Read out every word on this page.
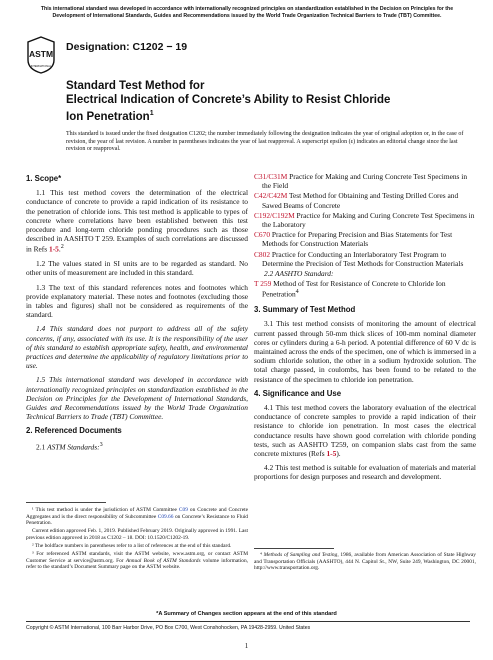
This international standard was developed in accordance with internationally recognized principles on standardization established in the Decision on Principles for the Development of International Standards, Guides and Recommendations issued by the World Trade Organization Technical Barriers to Trade (TBT) Committee.
ASTM
INTERNATIONAL
Designation: C1202 − 19
Standard Test Method for
Electrical Indication of Concrete’s Ability to Resist Chloride
Ion Penetration$^1$
This standard is issued under the fixed designation C1202; the number immediately following the designation indicates the year of original adoption or, in the case of revision, the year of last revision. A number in parentheses indicates the year of last reapproval. A superscript epsilon (ε) indicates an editorial change since the last revision or reapproval.
1. Scope*

1.1 This test method covers the determination of the electrical conductance of concrete to provide a rapid indication of its resistance to the penetration of chloride ions. This test method is applicable to types of concrete where correlations have been established between this test procedure and long-term chloride ponding procedures such as those described in AASHTO T 259. Examples of such correlations are discussed in Refs 1-5.$^2$

1.2 The values stated in SI units are to be regarded as standard. No other units of measurement are included in this standard.

1.3 The text of this standard references notes and footnotes which provide explanatory material. These notes and footnotes (excluding those in tables and figures) shall not be considered as requirements of the standard.

1.4 This standard does not purport to address all of the safety concerns, if any, associated with its use. It is the responsibility of the user of this standard to establish appropriate safety, health, and environmental practices and determine the applicability of regulatory limitations prior to use.

1.5 This international standard was developed in accordance with internationally recognized principles on standardization established in the Decision on Principles for the Development of International Standards, Guides and Recommendations issued by the World Trade Organization Technical Barriers to Trade (TBT) Committee.

2. Referenced Documents

2.1 ASTM Standards:$^3$

C31/C31M Practice for Making and Curing Concrete Test Specimens in the Field

C42/C42M Test Method for Obtaining and Testing Drilled Cores and Sawed Beams of Concrete

C192/C192M Practice for Making and Curing Concrete Test Specimens in the Laboratory

C670 Practice for Preparing Precision and Bias Statements for Test Methods for Construction Materials

C802 Practice for Conducting an Interlaboratory Test Program to Determine the Precision of Test Methods for Construction Materials

2.2 AASHTO Standard:

T 259 Method of Test for Resistance of Concrete to Chloride Ion Penetration$^4$

3. Summary of Test Method

3.1 This test method consists of monitoring the amount of electrical current passed through 50-mm thick slices of 100-mm nominal diameter cores or cylinders during a 6-h period. A potential difference of 60 V dc is maintained across the ends of the specimen, one of which is immersed in a sodium chloride solution, the other in a sodium hydroxide solution. The total charge passed, in coulombs, has been found to be related to the resistance of the specimen to chloride ion penetration.

4. Significance and Use

4.1 This test method covers the laboratory evaluation of the electrical conductance of concrete samples to provide a rapid indication of their resistance to chloride ion penetration. In most cases the electrical conductance results have shown good correlation with chloride ponding tests, such as AASHTO T259, on companion slabs cast from the same concrete mixtures (Refs 1-5).

4.2 This test method is suitable for evaluation of materials and material proportions for design purposes and research and development.

¹ This test method is under the jurisdiction of ASTM Committee C09 on Concrete and Concrete Aggregates and is the direct responsibility of Subcommittee C09.66 on Concrete’s Resistance to Fluid Penetration.

Current edition approved Feb. 1, 2019. Published February 2019. Originally approved in 1991. Last previous edition approved in 2018 as C1202 – 18. DOI: 10.1520/C1202-19.

² The boldface numbers in parentheses refer to a list of references at the end of this standard.

³ For referenced ASTM standards, visit the ASTM website, www.astm.org, or contact ASTM Customer Service at service@astm.org. For Annual Book of ASTM Standards volume information, refer to the standard’s Document Summary page on the ASTM website.

⁴ Methods of Sampling and Testing, 1986, available from American Association of State Highway and Transportation Officials (AASHTO), 444 N. Capitol St., NW, Suite 249, Washington, DC 20001, http://www.transportation.org.

*A Summary of Changes section appears at the end of this standard
Copyright © ASTM International, 100 Barr Harbor Drive, PO Box C700, West Conshohocken, PA 19428-2959. United States
1
